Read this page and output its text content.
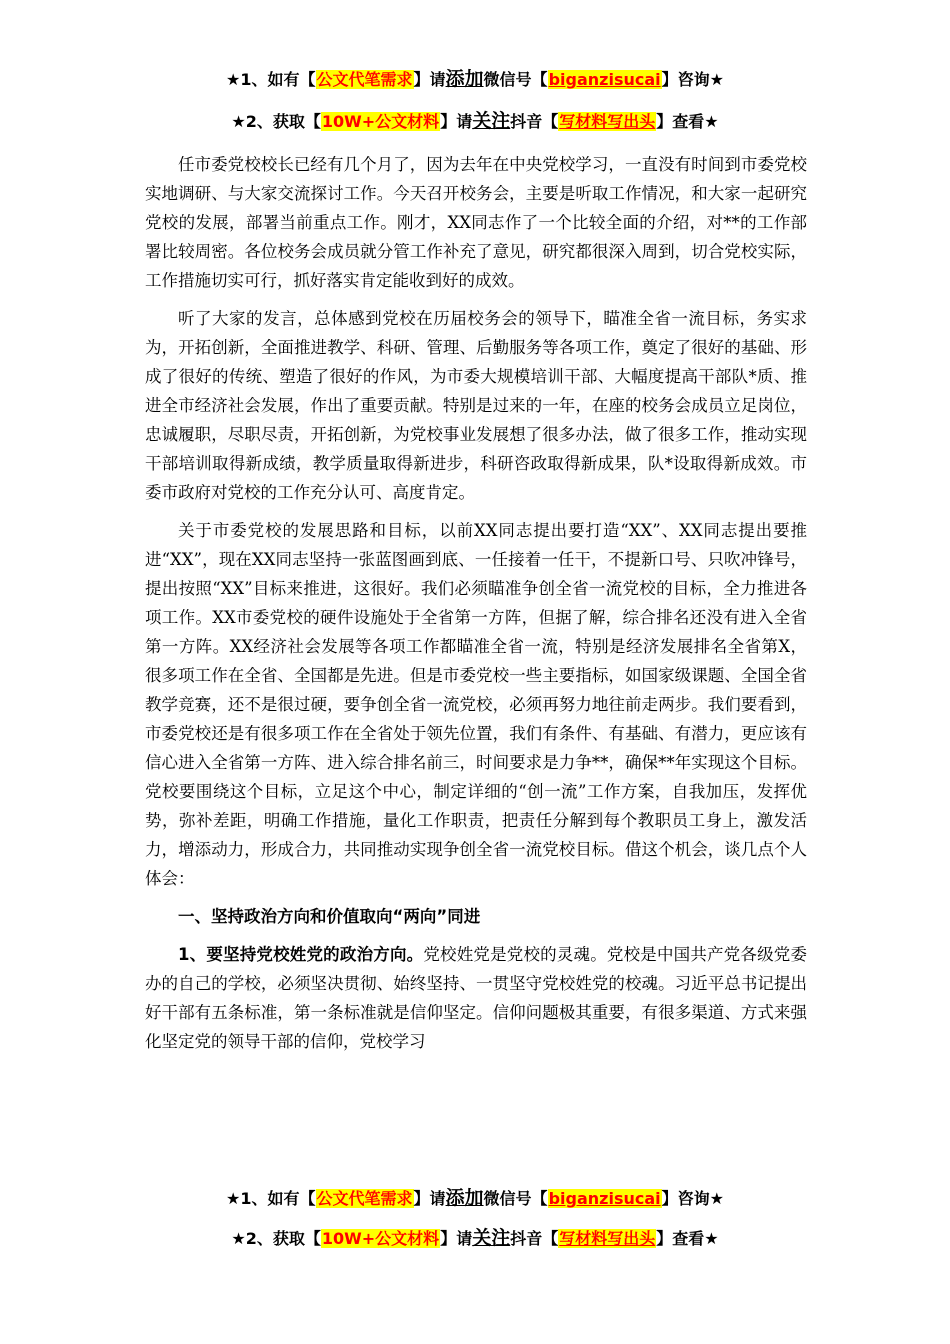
★1、如有【公文代笔需求】请添加微信号【biganzisucai】咨询★
★2、获取【10W+公文材料】请关注抖音【写材料写出头】查看★

任市委党校校长已经有几个月了，因为去年在中央党校学习，一直没有时间到市委党校实地调研、与大家交流探讨工作。今天召开校务会，主要是听取工作情况，和大家一起研究党校的发展，部署当前重点工作。刚才，XX同志作了一个比较全面的介绍，对**的工作部署比较周密。各位校务会成员就分管工作补充了意见，研究都很深入周到，切合党校实际，工作措施切实可行，抓好落实肯定能收到好的成效。

听了大家的发言，总体感到党校在历届校务会的领导下，瞄准全省一流目标，务实求为，开拓创新，全面推进教学、科研、管理、后勤服务等各项工作，奠定了很好的基础、形成了很好的传统、塑造了很好的作风，为市委大规模培训干部、大幅度提高干部队*质、推进全市经济社会发展，作出了重要贡献。特别是过来的一年，在座的校务会成员立足岗位，忠诚履职，尽职尽责，开拓创新，为党校事业发展想了很多办法，做了很多工作，推动实现干部培训取得新成绩，教学质量取得新进步，科研咨政取得新成果，队*设取得新成效。市委市政府对党校的工作充分认可、高度肯定。

关于市委党校的发展思路和目标，以前XX同志提出要打造“XX”、XX同志提出要推进“XX”，现在XX同志坚持一张蓝图画到底、一任接着一任干，不提新口号、只吹冲锋号，提出按照“XX”目标来推进，这很好。我们必须瞄准争创全省一流党校的目标，全力推进各项工作。XX市委党校的硬件设施处于全省第一方阵，但据了解，综合排名还没有进入全省第一方阵。XX经济社会发展等各项工作都瞄准全省一流，特别是经济发展排名全省第X，很多项工作在全省、全国都是先进。但是市委党校一些主要指标，如国家级课题、全国全省教学竞赛，还不是很过硬，要争创全省一流党校，必须再努力地往前走两步。我们要看到，市委党校还是有很多项工作在全省处于领先位置，我们有条件、有基础、有潜力，更应该有信心进入全省第一方阵、进入综合排名前三，时间要求是力争**，确保**年实现这个目标。党校要围绕这个目标，立足这个中心，制定详细的“创一流”工作方案，自我加压，发挥优势，弥补差距，明确工作措施，量化工作职责，把责任分解到每个教职员工身上，激发活力，增添动力，形成合力，共同推动实现争创全省一流党校目标。借这个机会，谈几点个人体会：

一、坚持政治方向和价值取向“两向”同进

1、要坚持党校姓党的政治方向。党校姓党是党校的灵魂。党校是中国共产党各级党委办的自己的学校，必须坚决贯彻、始终坚持、一贯坚守党校姓党的校魂。习近平总书记提出好干部有五条标准，第一条标准就是信仰坚定。信仰问题极其重要，有很多渠道、方式来强化坚定党的领导干部的信仰，党校学习

★1、如有【公文代笔需求】请添加微信号【biganzisucai】咨询★
★2、获取【10W+公文材料】请关注抖音【写材料写出头】查看★
